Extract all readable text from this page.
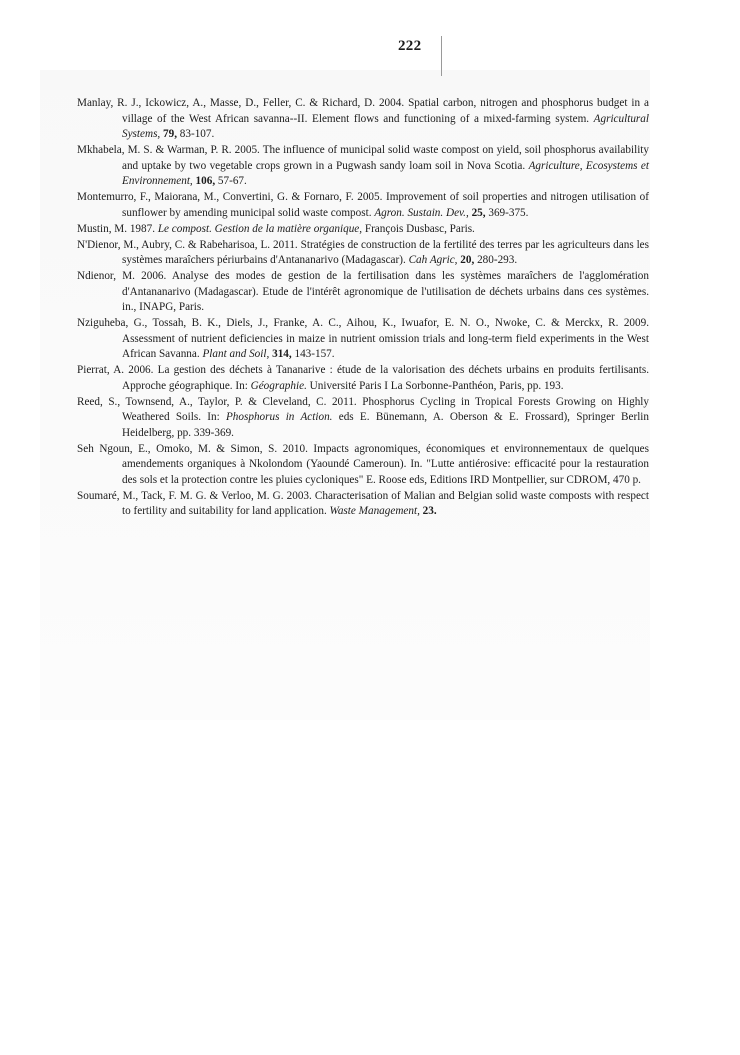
222

Manlay, R. J., Ickowicz, A., Masse, D., Feller, C. & Richard, D. 2004. Spatial carbon, nitrogen and phosphorus budget in a village of the West African savanna--II. Element flows and functioning of a mixed-farming system. Agricultural Systems, 79, 83-107.

Mkhabela, M. S. & Warman, P. R. 2005. The influence of municipal solid waste compost on yield, soil phosphorus availability and uptake by two vegetable crops grown in a Pugwash sandy loam soil in Nova Scotia. Agriculture, Ecosystems et Environnement, 106, 57-67.

Montemurro, F., Maiorana, M., Convertini, G. & Fornaro, F. 2005. Improvement of soil properties and nitrogen utilisation of sunflower by amending municipal solid waste compost. Agron. Sustain. Dev., 25, 369-375.

Mustin, M. 1987. Le compost. Gestion de la matière organique, François Dusbasc, Paris.

N'Dienor, M., Aubry, C. & Rabeharisoa, L. 2011. Stratégies de construction de la fertilité des terres par les agriculteurs dans les systèmes maraîchers périurbains d'Antananarivo (Madagascar). Cah Agric, 20, 280-293.

Ndienor, M. 2006. Analyse des modes de gestion de la fertilisation dans les systèmes maraîchers de l'agglomération d'Antananarivo (Madagascar). Etude de l'intérêt agronomique de l'utilisation de déchets urbains dans ces systèmes. in., INAPG, Paris.

Nziguheba, G., Tossah, B. K., Diels, J., Franke, A. C., Aihou, K., Iwuafor, E. N. O., Nwoke, C. & Merckx, R. 2009. Assessment of nutrient deficiencies in maize in nutrient omission trials and long-term field experiments in the West African Savanna. Plant and Soil, 314, 143-157.

Pierrat, A. 2006. La gestion des déchets à Tananarive : étude de la valorisation des déchets urbains en produits fertilisants. Approche géographique. In: Géographie. Université Paris I La Sorbonne-Panthéon, Paris, pp. 193.

Reed, S., Townsend, A., Taylor, P. & Cleveland, C. 2011. Phosphorus Cycling in Tropical Forests Growing on Highly Weathered Soils. In: Phosphorus in Action. eds E. Bünemann, A. Oberson & E. Frossard), Springer Berlin Heidelberg, pp. 339-369.

Seh Ngoun, E., Omoko, M. & Simon, S. 2010. Impacts agronomiques, économiques et environnementaux de quelques amendements organiques à Nkolondom (Yaoundé Cameroun). In. "Lutte antiérosive: efficacité pour la restauration des sols et la protection contre les pluies cycloniques" E. Roose eds, Editions IRD Montpellier, sur CDROM, 470 p.

Soumaré, M., Tack, F. M. G. & Verloo, M. G. 2003. Characterisation of Malian and Belgian solid waste composts with respect to fertility and suitability for land application. Waste Management, 23.
